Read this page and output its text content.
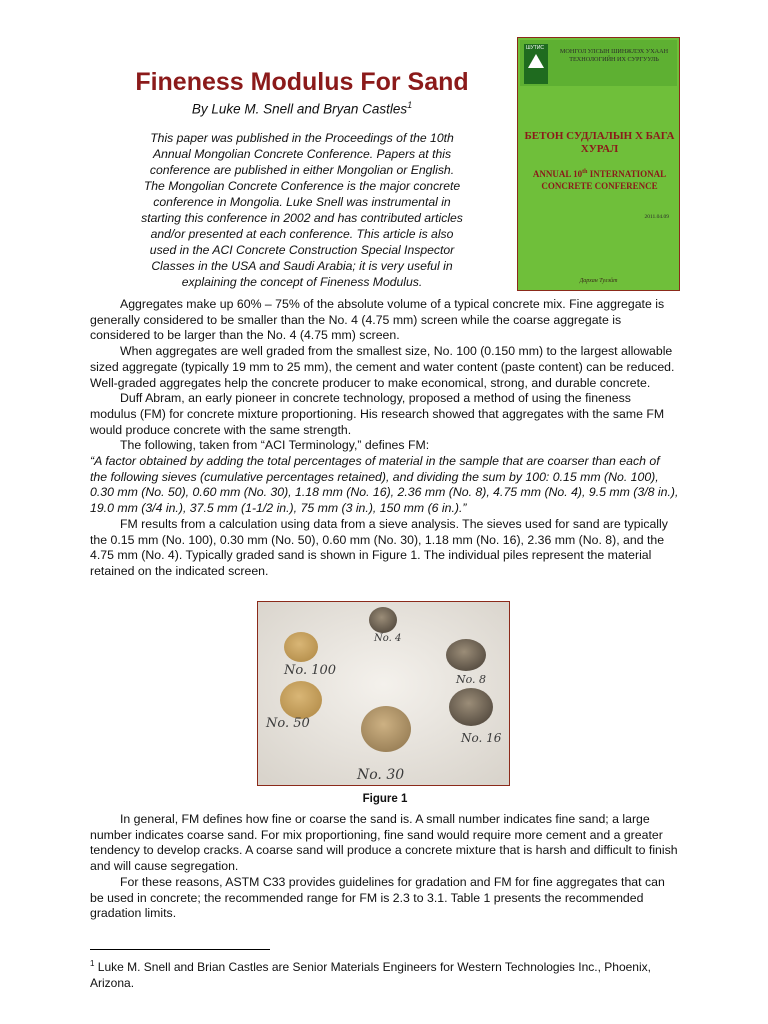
Fineness Modulus For Sand
By Luke M. Snell and Bryan Castles$^1$
This paper was published in the Proceedings of the 10th Annual Mongolian Concrete Conference. Papers at this conference are published in either Mongolian or English. The Mongolian Concrete Conference is the major concrete conference in Mongolia. Luke Snell was instrumental in starting this conference in 2002 and has contributed articles and/or presented at each conference. This article is also used in the ACI Concrete Construction Special Inspector Classes in the USA and Saudi Arabia; it is very useful in explaining the concept of Fineness Modulus.
ШУТИС	МОНГОЛ УЛСЫН ШИНЖЛЭХ УХААН ТЕХНОЛОГИЙН ИХ СУРГУУЛЬ
БЕТОН СУДЛАЛЫН Х БАГА ХУРАЛ
ANNUAL 10th INTERNATIONAL CONCRETE CONFERENCE
2011.04.09
Дархан Тулэйт

Aggregates make up 60% – 75% of the absolute volume of a typical concrete mix. Fine aggregate is generally considered to be smaller than the No. 4 (4.75 mm) screen while the coarse aggregate is considered to be larger than the No. 4 (4.75 mm) screen.

When aggregates are well graded from the smallest size, No. 100 (0.150 mm) to the largest allowable sized aggregate (typically 19 mm to 25 mm), the cement and water content (paste content) can be reduced. Well-graded aggregates help the concrete producer to make economical, strong, and durable concrete.

Duff Abram, an early pioneer in concrete technology, proposed a method of using the fineness modulus (FM) for concrete mixture proportioning. His research showed that aggregates with the same FM would produce concrete with the same strength.

The following, taken from “ACI Terminology,” defines FM:

“A factor obtained by adding the total percentages of material in the sample that are coarser than each of the following sieves (cumulative percentages retained), and dividing the sum by 100: 0.15 mm (No. 100), 0.30 mm (No. 50), 0.60 mm (No. 30), 1.18 mm (No. 16), 2.36 mm (No. 8), 4.75 mm (No. 4), 9.5 mm (3/8 in.), 19.0 mm (3/4 in.), 37.5 mm (1-1/2 in.), 75 mm (3 in.), 150 mm (6 in.).”

FM results from a calculation using data from a sieve analysis. The sieves used for sand are typically the 0.15 mm (No. 100), 0.30 mm (No. 50), 0.60 mm (No. 30), 1.18 mm (No. 16), 2.36 mm (No. 8), and the 4.75 mm (No. 4). Typically graded sand is shown in Figure 1. The individual piles represent the material retained on the indicated screen.

No. 4
No. 100
No. 50
No. 30
No. 8
No. 16
Figure 1

In general, FM defines how fine or coarse the sand is. A small number indicates fine sand; a large number indicates coarse sand. For mix proportioning, fine sand would require more cement and a greater tendency to develop cracks. A coarse sand will produce a concrete mixture that is harsh and difficult to finish and will cause segregation.

For these reasons, ASTM C33 provides guidelines for gradation and FM for fine aggregates that can be used in concrete; the recommended range for FM is 2.3 to 3.1. Table 1 presents the recommended gradation limits.

$^1$ Luke M. Snell and Brian Castles are Senior Materials Engineers for Western Technologies Inc., Phoenix, Arizona.
